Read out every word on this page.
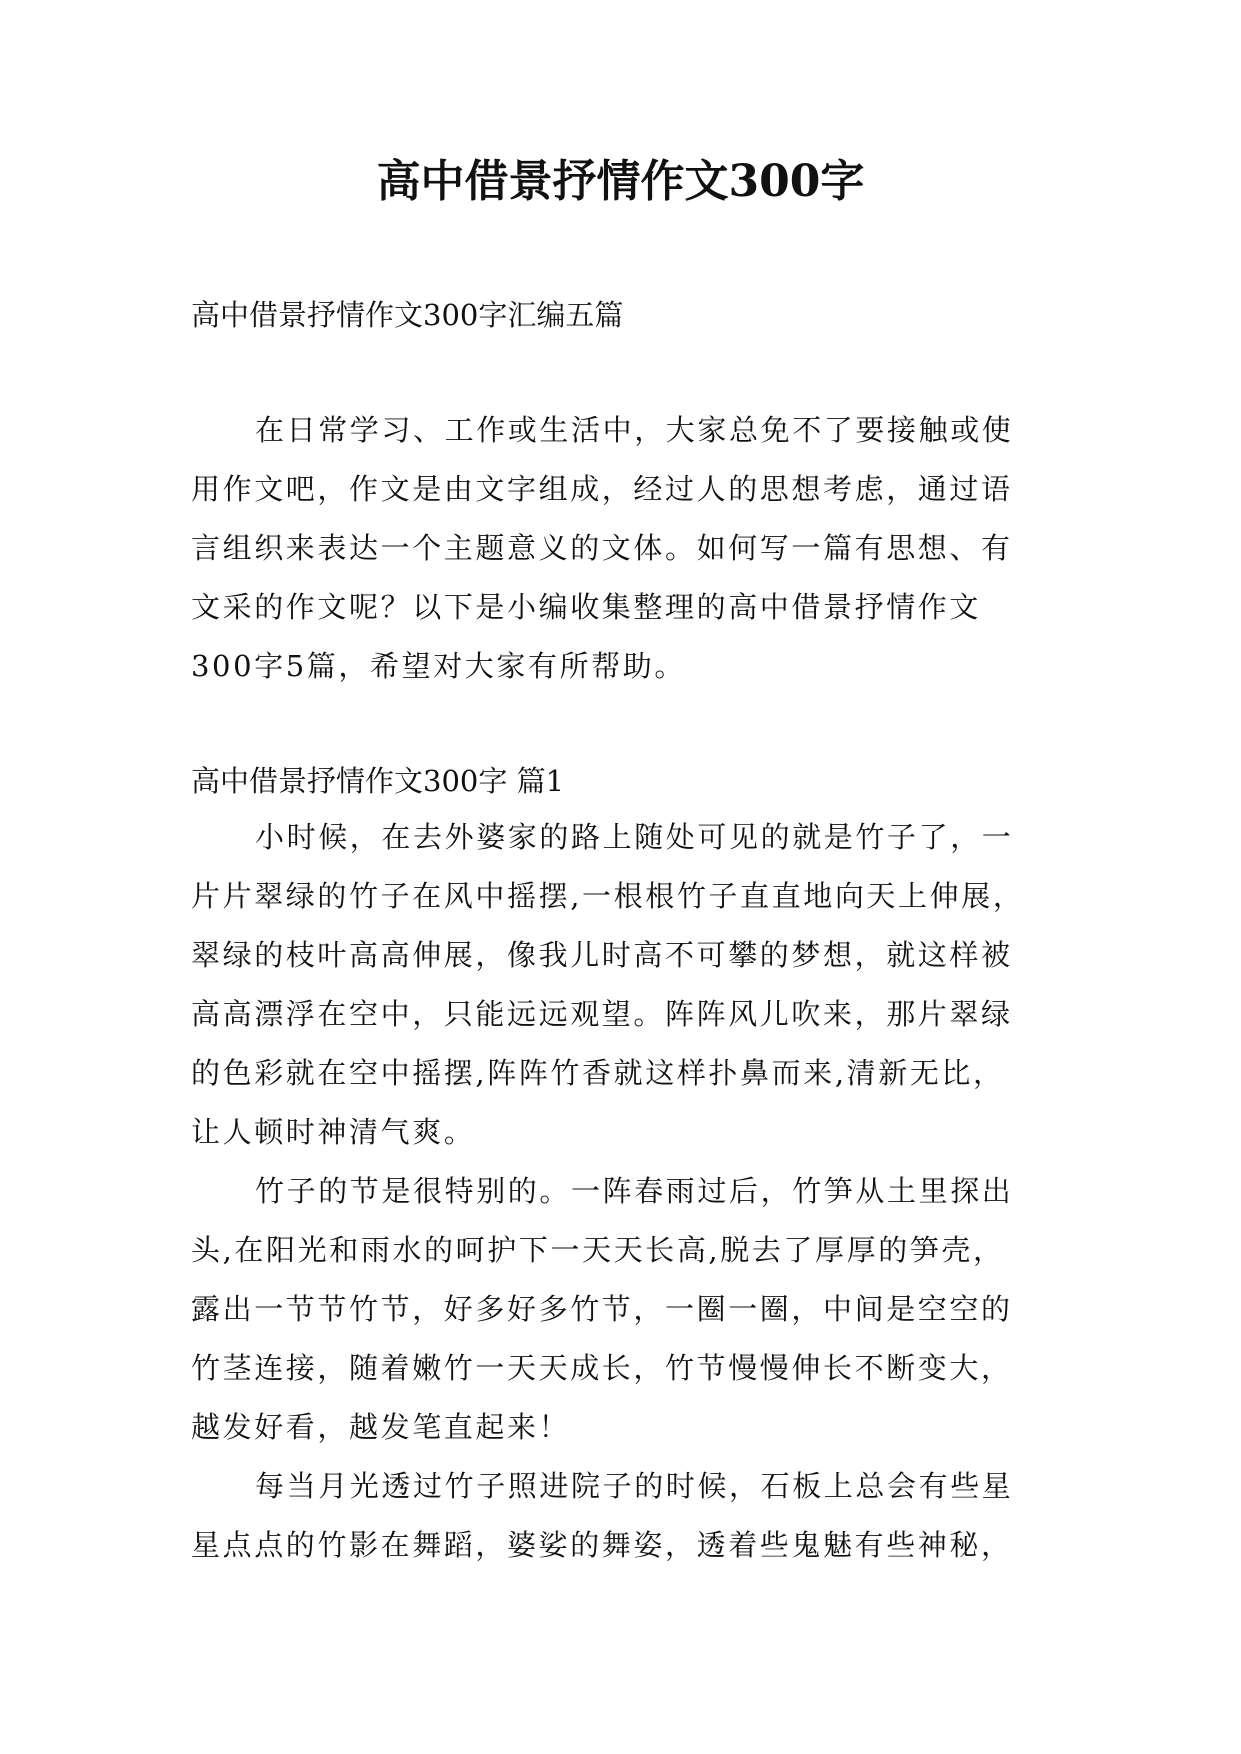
高中借景抒情作文300字

高中借景抒情作文300字汇编五篇

在日常学习、工作或生活中，大家总免不了要接触或使
用作文吧，作文是由文字组成，经过人的思想考虑，通过语
言组织来表达一个主题意义的文体。如何写一篇有思想、有
文采的作文呢？以下是小编收集整理的高中借景抒情作文
300字5篇，希望对大家有所帮助。

高中借景抒情作文300字 篇1

小时候，在去外婆家的路上随处可见的就是竹子了，一
片片翠绿的竹子在风中摇摆,一根根竹子直直地向天上伸展，
翠绿的枝叶高高伸展，像我儿时高不可攀的梦想，就这样被
高高漂浮在空中，只能远远观望。阵阵风儿吹来，那片翠绿
的色彩就在空中摇摆,阵阵竹香就这样扑鼻而来,清新无比，
让人顿时神清气爽。
竹子的节是很特别的。一阵春雨过后，竹笋从土里探出
头,在阳光和雨水的呵护下一天天长高,脱去了厚厚的笋壳，
露出一节节竹节，好多好多竹节，一圈一圈，中间是空空的
竹茎连接，随着嫩竹一天天成长，竹节慢慢伸长不断变大，
越发好看，越发笔直起来！
每当月光透过竹子照进院子的时候，石板上总会有些星
星点点的竹影在舞蹈，婆娑的舞姿，透着些鬼魅有些神秘，
